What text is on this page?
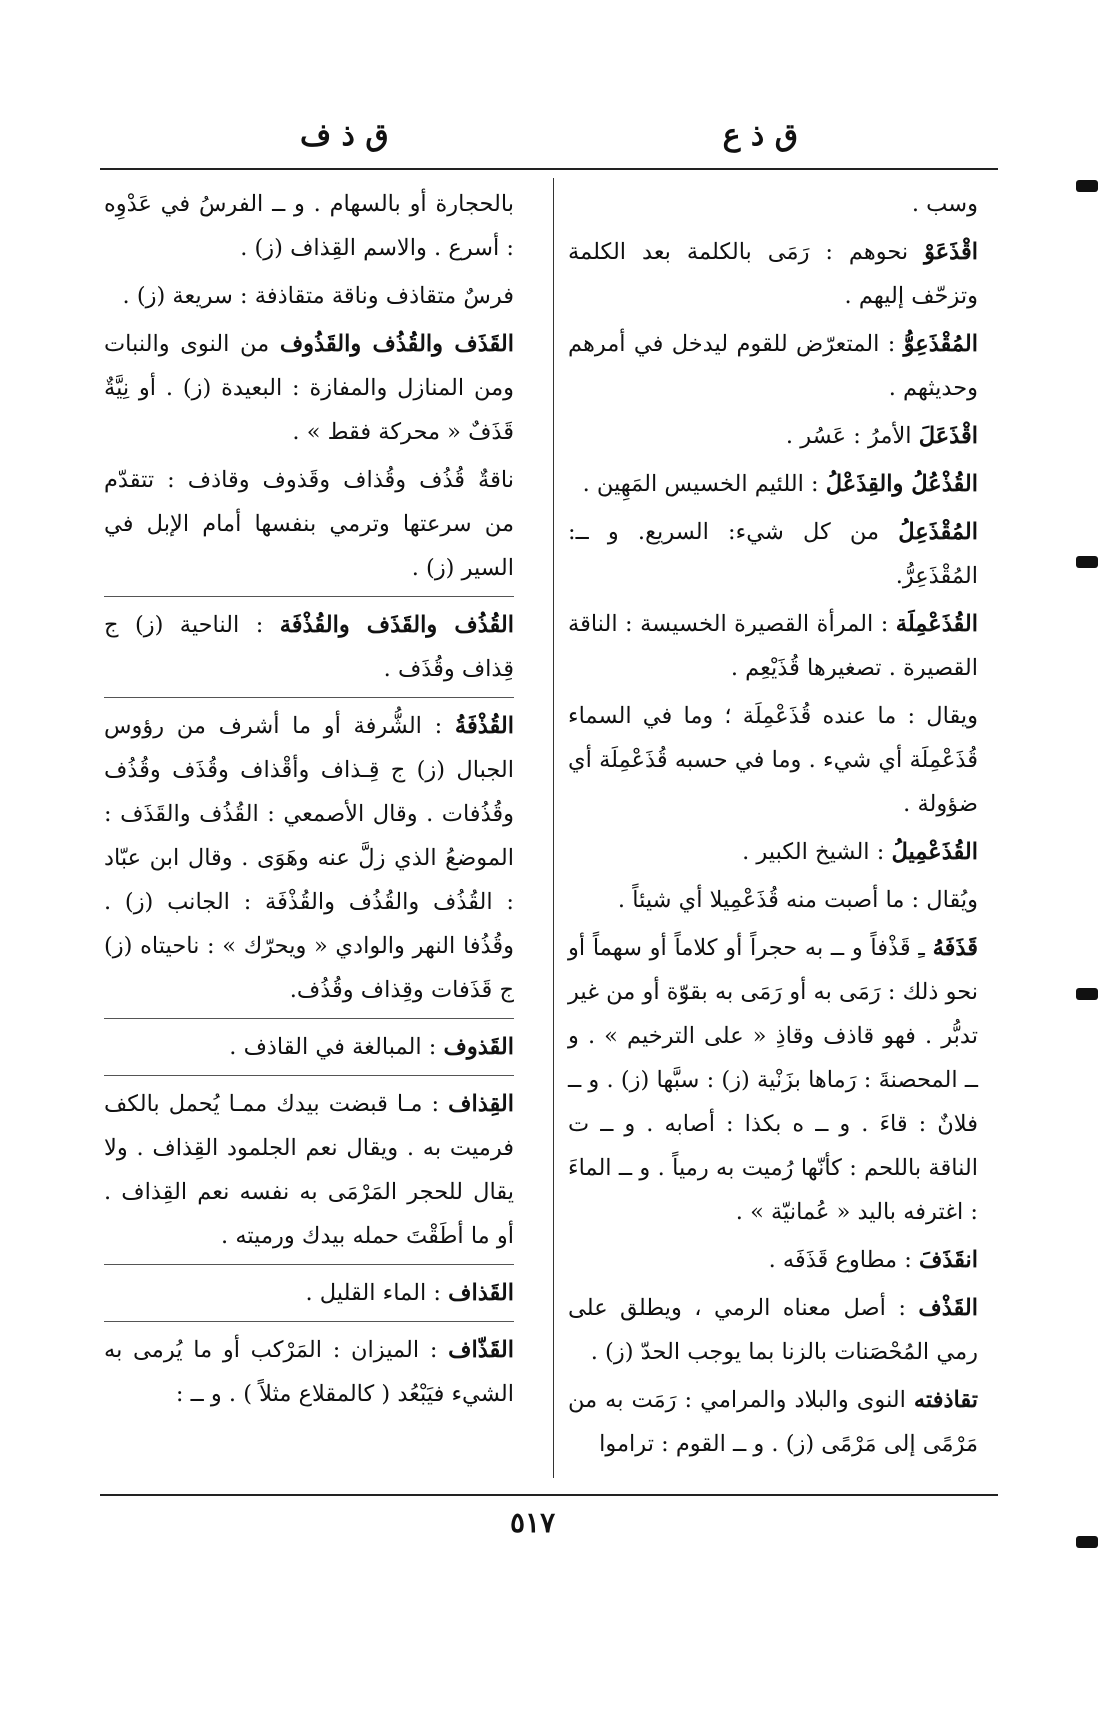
ق ذ ع
ق ذ ف
وسب .
اقْذَعَوْ نحوهم : رَمَى بالكلمة بعد الكلمة وتزحّف إليهم .
المُقْذَعِوُّ : المتعرّض للقوم ليدخل في أمرهم وحديثهم .
اقْذَعَلَ الأمرُ : عَسُر .
القُذْعُلُ والقِذَعْلُ : اللئيم الخسيس المَهِين .
المُقْذَعِلُ من كل شيء: السريع. و ــ: المُقْذَعِرُّ.
القُذَعْمِلَة : المرأة القصيرة الخسيسة : الناقة القصيرة . تصغيرها قُذَيْعِم .
ويقال : ما عنده قُذَعْمِلَة ؛ وما في السماء قُذَعْمِلَة أي شيء . وما في حسبه قُذَعْمِلَة أي ضؤولة .
القُذَعْمِيلُ : الشيخ الكبير .
ويُقال : ما أصبت منه قُذَعْمِيلا أي شيئاً .
قَذَفَهُ ـِ قَذْفاً و ــ به حجراً أو كلاماً أو سهماً أو نحو ذلك : رَمَى به أو رَمَى به بقوّة أو من غير تدبُّر . فهو قاذف وقاذِ « على الترخيم » . و ــ المحصنةَ : رَماها بزَنْية (ز) : سبَّها (ز) . و ــ فلانٌ : قاءَ . و ــ ه بكذا : أصابه . و ــ ت الناقة باللحم : كأنّها رُميت به رمياً . و ــ الماءَ : اغترفه باليد « عُمانيّة » .
انقَذَفَ : مطاوع قَذَفَه .
القَذْف : أصل معناه الرمي ، ويطلق على رمي المُحْصَنات بالزنا بما يوجب الحدّ (ز) .
تقاذفته النوى والبلاد والمرامي : رَمَت به من مَرْمًى إلى مَرْمًى (ز) . و ــ القوم : تراموا
بالحجارة أو بالسهام . و ــ الفرسُ في عَدْوِه : أسرع . والاسم القِذاف (ز) .
فرسٌ متقاذف وناقة متقاذفة : سريعة (ز) .
القَذَف والقُذُف والقَذُوف من النوى والنبات ومن المنازل والمفازة : البعيدة (ز) . أو نِيَّةٌ قَذَفٌ « محركة فقط » .
ناقةٌ قُذُف وقُذاف وقَذوف وقاذف : تتقدّم من سرعتها وترمي بنفسها أمام الإبل في السير (ز) .
القُذُف والقَذَف والقُذْفَة : الناحية (ز) ج قِذاف وقُذَف .
القُذْفَةُ : الشُّرفة أو ما أشرف من رؤوس الجبال (ز) ج قِـذاف وأقْذاف وقُذَف وقُذُف وقُذُفات . وقال الأصمعي : القُذُف والقَذَف : الموضعُ الذي زلَّ عنه وهَوَى . وقال ابن عبّاد : القُذُف والقُذُف والقُذْفَة : الجانب (ز) . وقُذُفا النهر والوادي « ويحرّك » : ناحيتاه (ز) ج قَذَفات وقِذاف وقُذُف.
القَذوف : المبالغة في القاذف .
القِذاف : مـا قبضت بيدك ممـا يُحمل بالكف فرميت به . ويقال نعم الجلمود القِذاف . ولا يقال للحجر المَرْمَى به نفسه نعم القِذاف . أو ما أطَقْتَ حمله بيدك ورميته .
القَذاف : الماء القليل .
القَذّاف : الميزان : المَرْكب أو ما يُرمى به الشيء فيَبْعُد ( كالمقلاع مثلاً ) . و ــ :
٥١٧
